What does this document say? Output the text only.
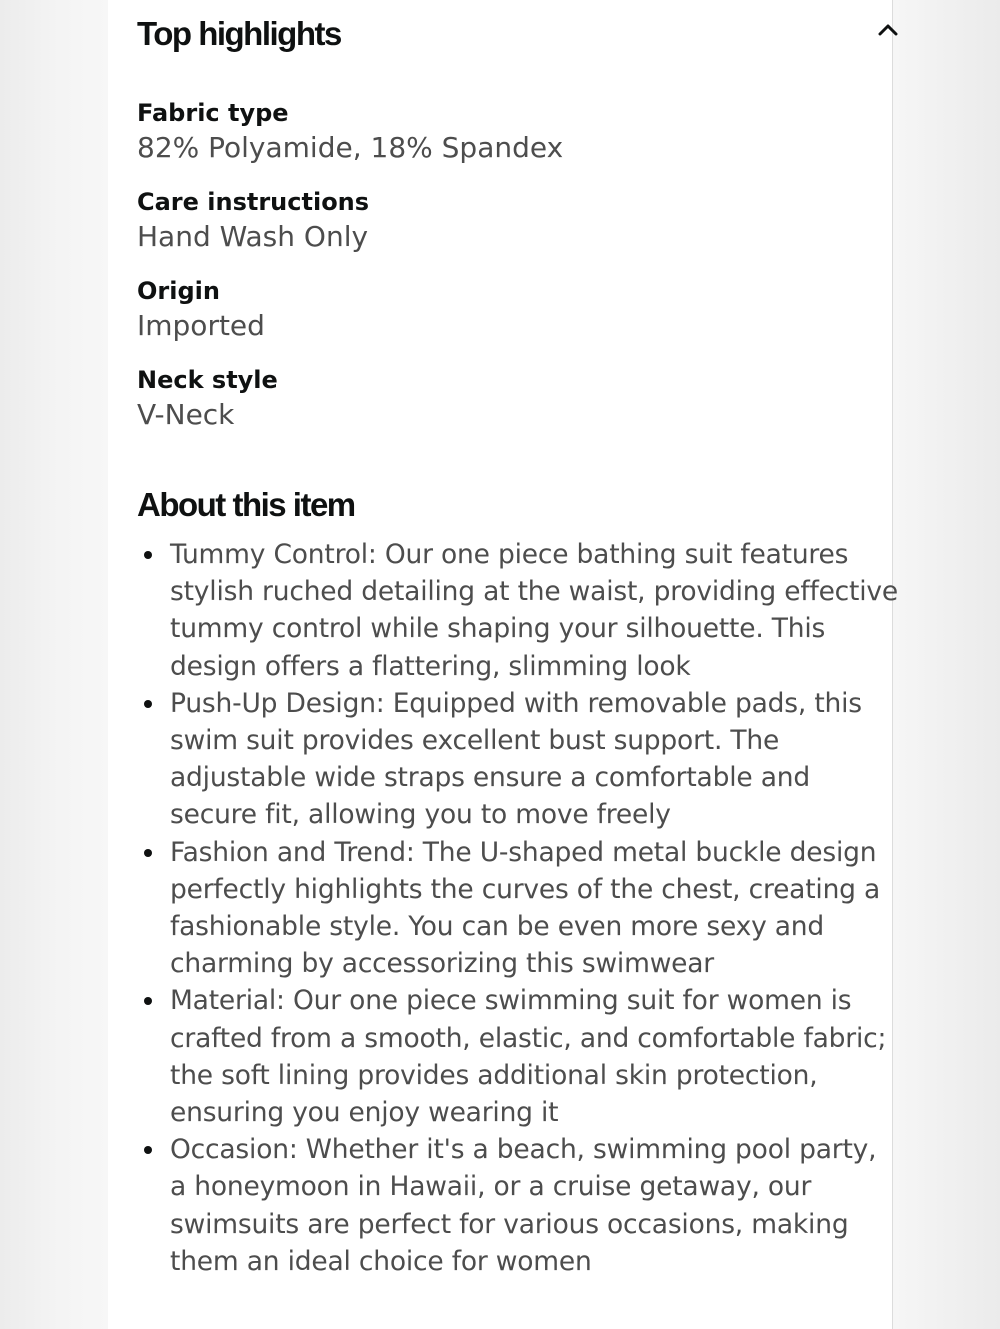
Top highlights
Fabric type
82% Polyamide, 18% Spandex
Care instructions
Hand Wash Only
Origin
Imported
Neck style
V-Neck
About this item
Tummy Control: Our one piece bathing suit features stylish ruched detailing at the waist, providing effective tummy control while shaping your silhouette. This design offers a flattering, slimming look
Push-Up Design: Equipped with removable pads, this swim suit provides excellent bust support. The adjustable wide straps ensure a comfortable and secure fit, allowing you to move freely
Fashion and Trend: The U-shaped metal buckle design perfectly highlights the curves of the chest, creating a fashionable style. You can be even more sexy and charming by accessorizing this swimwear
Material: Our one piece swimming suit for women is crafted from a smooth, elastic, and comfortable fabric; the soft lining provides additional skin protection, ensuring you enjoy wearing it
Occasion: Whether it's a beach, swimming pool party, a honeymoon in Hawaii, or a cruise getaway, our swimsuits are perfect for various occasions, making them an ideal choice for women
